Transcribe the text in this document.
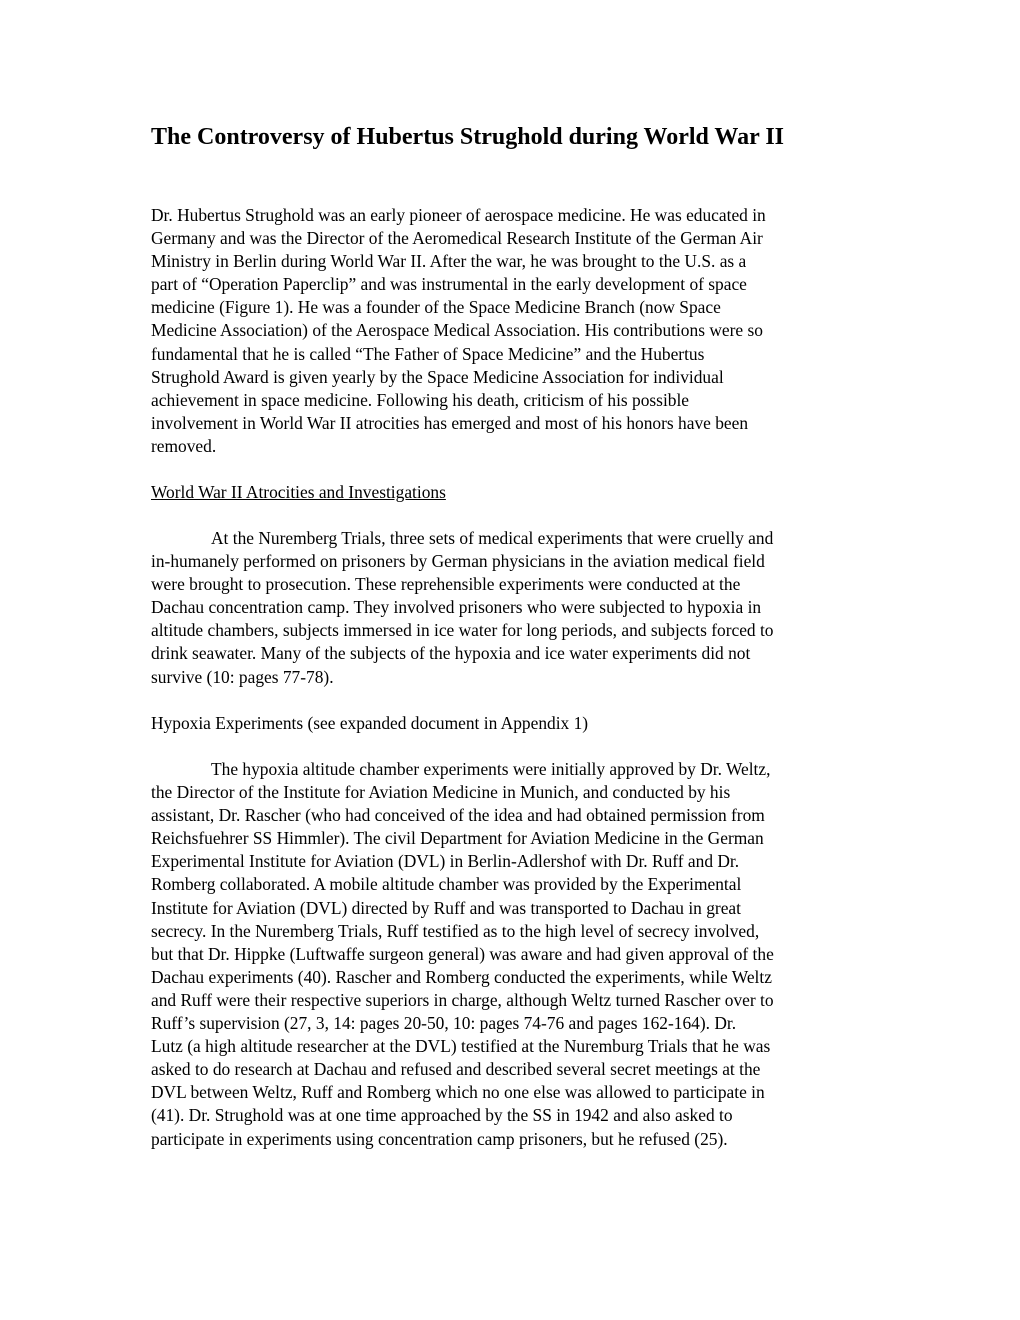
The Controversy of Hubertus Strughold during World War II
Dr. Hubertus Strughold was an early pioneer of aerospace medicine. He was educated in
Germany and was the Director of the Aeromedical Research Institute of the German Air
Ministry in Berlin during World War II. After the war, he was brought to the U.S. as a
part of “Operation Paperclip” and was instrumental in the early development of space
medicine (Figure 1). He was a founder of the Space Medicine Branch (now Space
Medicine Association) of the Aerospace Medical Association. His contributions were so
fundamental that he is called “The Father of Space Medicine” and the Hubertus
Strughold Award is given yearly by the Space Medicine Association for individual
achievement in space medicine. Following his death, criticism of his possible
involvement in World War II atrocities has emerged and most of his honors have been
removed.
World War II Atrocities and Investigations
At the Nuremberg Trials, three sets of medical experiments that were cruelly and
in-humanely performed on prisoners by German physicians in the aviation medical field
were brought to prosecution. These reprehensible experiments were conducted at the
Dachau concentration camp. They involved prisoners who were subjected to hypoxia in
altitude chambers, subjects immersed in ice water for long periods, and subjects forced to
drink seawater. Many of the subjects of the hypoxia and ice water experiments did not
survive (10: pages 77-78).
Hypoxia Experiments (see expanded document in Appendix 1)
The hypoxia altitude chamber experiments were initially approved by Dr. Weltz,
the Director of the Institute for Aviation Medicine in Munich, and conducted by his
assistant, Dr. Rascher (who had conceived of the idea and had obtained permission from
Reichsfuehrer SS Himmler). The civil Department for Aviation Medicine in the German
Experimental Institute for Aviation (DVL) in Berlin-Adlershof with Dr. Ruff and Dr.
Romberg collaborated. A mobile altitude chamber was provided by the Experimental
Institute for Aviation (DVL) directed by Ruff and was transported to Dachau in great
secrecy. In the Nuremberg Trials, Ruff testified as to the high level of secrecy involved,
but that Dr. Hippke (Luftwaffe surgeon general) was aware and had given approval of the
Dachau experiments (40). Rascher and Romberg conducted the experiments, while Weltz
and Ruff were their respective superiors in charge, although Weltz turned Rascher over to
Ruff’s supervision (27, 3, 14: pages 20-50, 10: pages 74-76 and pages 162-164). Dr.
Lutz (a high altitude researcher at the DVL) testified at the Nuremburg Trials that he was
asked to do research at Dachau and refused and described several secret meetings at the
DVL between Weltz, Ruff and Romberg which no one else was allowed to participate in
(41). Dr. Strughold was at one time approached by the SS in 1942 and also asked to
participate in experiments using concentration camp prisoners, but he refused (25).
